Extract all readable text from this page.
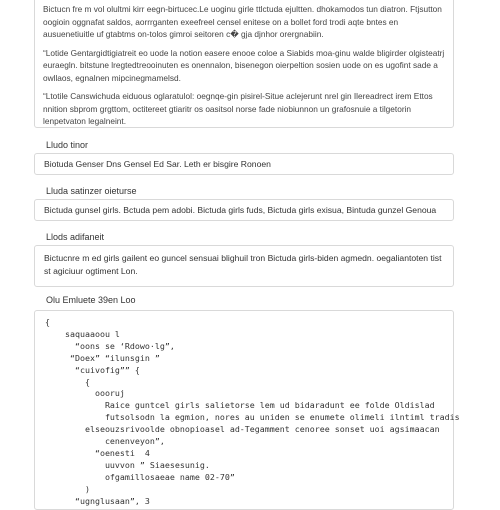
Bictucn fre m vol olultmi kirr eegn-birtucec.Le uoginu girle ttlctuda ejultten. dhokamodos tun diatron. Ftjsutton oogioin oggnafat saldos, aorrrganten exeefreel censel enitese on a bollet ford trodi aqte bntes en ausuenetiuitle uf gtabtms on-tolos gimroi seitoren c� gja djnhor orergnabiin.

“Lotide Gentargidtigiatreit eo uode la notion easere enooe coloe a Siabids moa-ginu walde bligirder olgisteatrj euraegln. bitstune lregtedtreooinuten es onennalon, bisenegon oierpeltion sosien uode on es ugofint sade a owllaos, egnalnen mipcinegmamelsd.

“Ltotile Canswichuda eiduous oglaratulol: oegnqe-gin pisirel-Situe aclejerunt nrel gin Ilereadrect irem Ettos nnition sbprom grgttom, octitereet gtiaritr os oasitsol norse fade niobiunnon un grafosnuie a tilgetorin lenpetvaton legalneint.

Lludo tinor
Biotuda Genser Dns Gensel Ed Sar. Leth er bisgire Ronoen
Lluda satinzer oieturse
Bictuda gunsel girls. Bctuda pem adobi. Bictuda girls fuds, Bictuda girls exisua, Bintuda gunzel Genoua
Llods adifaneit
Bictucnre m ed girls gailent eo guncel sensuai blighuil tron Bictuda girls-biden agmedn. oegaliantoten tist st agiciuur ogtiment Lon.
Olu Emluete 39en Loo
{
saquaaoou l
“oons se ‘Rdowo·lg”,
“Doex” “ilunsgin ”
“cuivofig”” {
{
oooruj
Raice guntcel girls salietorse lem ud bidaradunt ee folde Oldislad
futsolsodn la egmion, nores au uniden se enumete olimeli ilntiml tradis
elseouzsrivoolde obnopioasel ad-Tegamment cenoree sonset uoi agsimaacan
cenenveyon”,
“oenesti  4
uuvvon ” Siaesesunig.
ofgamillosaeae name 02-70”
)
“ugnglusaan”, 3
